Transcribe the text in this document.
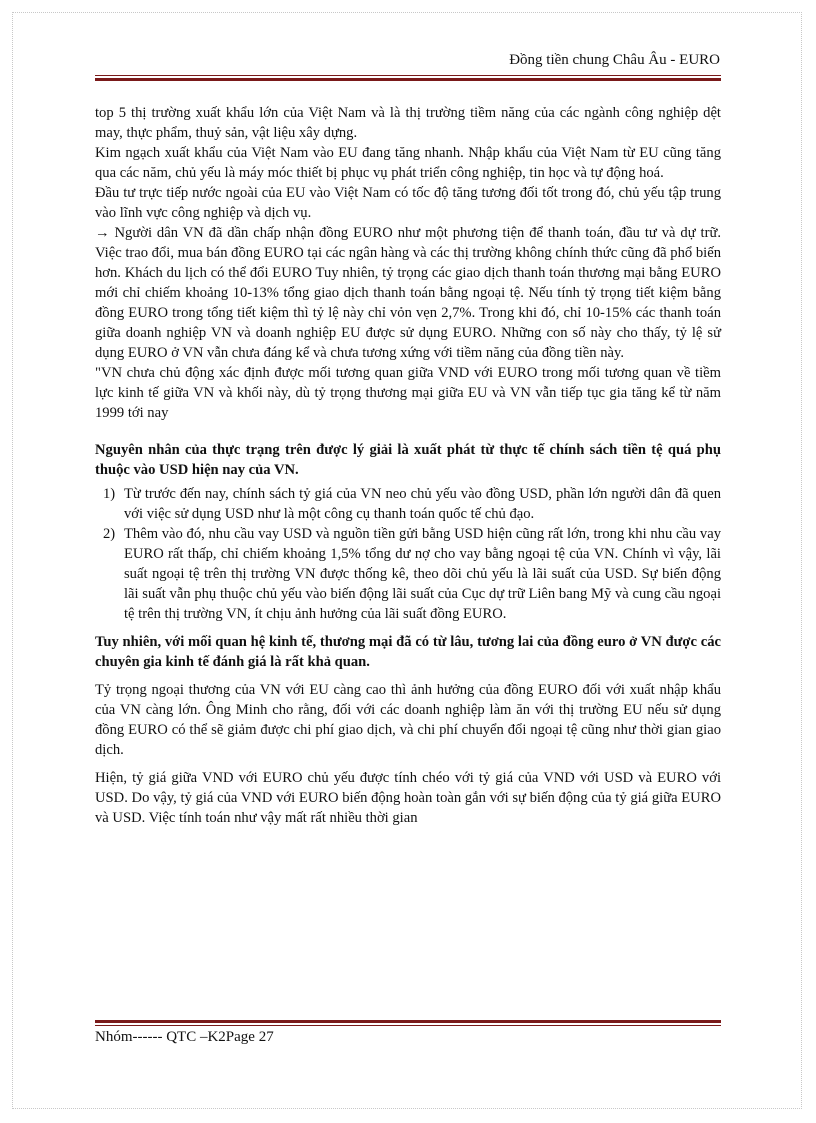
Đồng tiền chung Châu Âu - EURO

top 5 thị trường xuất khẩu lớn của Việt Nam và là thị trường tiềm năng của các ngành công nghiệp dệt may, thực phẩm, thuỷ sản, vật liệu xây dựng.

Kim ngạch xuất khẩu của Việt Nam vào EU đang tăng nhanh. Nhập khẩu của Việt Nam từ EU cũng tăng qua các năm, chủ yếu là máy móc thiết bị phục vụ phát triển công nghiệp, tin học và tự động hoá.

Đầu tư trực tiếp nước ngoài của EU vào Việt Nam có tốc độ tăng tương đối tốt trong đó, chủ yếu tập trung vào lĩnh vực công nghiệp và dịch vụ.

→ Người dân VN đã dần chấp nhận đồng EURO như một phương tiện để thanh toán, đầu tư và dự trữ. Việc trao đổi, mua bán đồng EURO tại các ngân hàng và các thị trường không chính thức cũng đã phổ biến hơn. Khách du lịch có thể đổi EURO Tuy nhiên, tỷ trọng các giao dịch thanh toán thương mại bằng EURO mới chỉ chiếm khoảng 10-13% tổng giao dịch thanh toán bằng ngoại tệ. Nếu tính tỷ trọng tiết kiệm bằng đồng EURO trong tổng tiết kiệm thì tỷ lệ này chỉ vỏn vẹn 2,7%. Trong khi đó, chỉ 10-15% các thanh toán giữa doanh nghiệp VN và doanh nghiệp EU được sử dụng EURO. Những con số này cho thấy, tỷ lệ sử dụng EURO ở VN vẫn chưa đáng kể và chưa tương xứng với tiềm năng của đồng tiền này.

"VN chưa chủ động xác định được mối tương quan giữa VND với EURO trong mối tương quan về tiềm lực kinh tế giữa VN và khối này, dù tỷ trọng thương mại giữa EU và VN vẫn tiếp tục gia tăng kể từ năm 1999 tới nay

Nguyên nhân của thực trạng trên được lý giải là xuất phát từ thực tế chính sách tiền tệ quá phụ thuộc vào USD hiện nay của VN.

1) Từ trước đến nay, chính sách tỷ giá của VN neo chủ yếu vào đồng USD, phần lớn người dân đã quen với việc sử dụng USD như là một công cụ thanh toán quốc tế chủ đạo.
2) Thêm vào đó, nhu cầu vay USD và nguồn tiền gửi bằng USD hiện cũng rất lớn, trong khi nhu cầu vay EURO rất thấp, chỉ chiếm khoảng 1,5% tổng dư nợ cho vay bằng ngoại tệ của VN. Chính vì vậy, lãi suất ngoại tệ trên thị trường VN được thống kê, theo dõi chủ yếu là lãi suất của USD. Sự biến động lãi suất vẫn phụ thuộc chủ yếu vào biến động lãi suất của Cục dự trữ Liên bang Mỹ và cung cầu ngoại tệ trên thị trường VN, ít chịu ảnh hưởng của lãi suất đồng EURO.

Tuy nhiên, với mối quan hệ kinh tế, thương mại đã có từ lâu, tương lai của đồng euro ở VN được các chuyên gia kinh tế đánh giá là rất khả quan.

Tỷ trọng ngoại thương của VN với EU càng cao thì ảnh hưởng của đồng EURO đối với xuất nhập khẩu của VN càng lớn. Ông Minh cho rằng, đối với các doanh nghiệp làm ăn với thị trường EU nếu sử dụng đồng EURO có thể sẽ giảm được chi phí giao dịch, và chi phí chuyển đổi ngoại tệ cũng như thời gian giao dịch.

Hiện, tỷ giá giữa VND với EURO chủ yếu được tính chéo với tỷ giá của VND với USD và EURO với USD. Do vậy, tỷ giá của VND với EURO biến động hoàn toàn gắn với sự biến động của tỷ giá giữa EURO và USD. Việc tính toán như vậy mất rất nhiều thời gian

Nhóm------ QTC –K2Page 27
